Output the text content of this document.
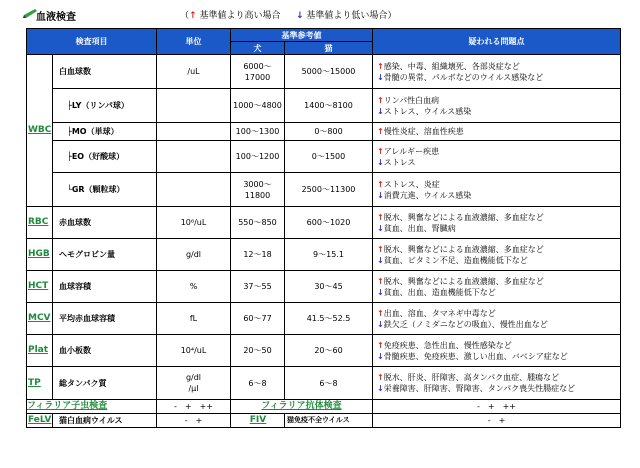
血液検査	（↑ 基準値より高い場合 ↓ 基準値より低い場合）
検査項目		単位	基準参考値		疑われる問題点
			犬	猫	
WBC	白血球数	/uL	6000～17000	5000～15000	↑感染、中毒、組織壊死、各部炎症など
↓骨髄の異常、パルボなどのウイルス感染など

	├LY（リンパ球）		1000～4800	1400～8100	↑リンパ性白血病
↓ストレス、ウイルス感染

	├MO（単球）		100～1300	0～800	↑慢性炎症、溶血性疾患

	├EO（好酸球）		100～1200	0～1500	↑アレルギー疾患
↓ストレス

	└GR（顆粒球）		3000～11800	2500～11300	↑ストレス、炎症
↓消費亢進、ウイルス感染

RBC	赤血球数	10⁶/uL	550～850	600～1020	↑脱水、興奮などによる血液濃縮、多血症など
↓貧血、出血、腎臓病

HGB	ヘモグロビン量	g/dl	12～18	9～15.1	↑脱水、興奮などによる血液濃縮、多血症など
↓貧血、ビタミン不足、造血機能低下など

HCT	血球容積	%	37～55	30～45	↑脱水、興奮などによる血液濃縮、多血症など
↓貧血、出血、造血機能低下など

MCV	平均赤血球容積	fL	60～77	41.5～52.5	↑出血、溶血、タマネギ中毒など
↓鉄欠乏（ノミダニなどの吸血）、慢性出血など

Plat	血小板数	10⁴/uL	20～50	20～60	↑免疫疾患、急性出血、慢性感染など
↓骨髄疾患、免疫疾患、激しい出血、バベシア症など

TP	総タンパク質	g/dl
/μl	6～8	6～8	↑脱水、肝炎、肝障害、高タンパク血症、腫瘍など
↓栄養障害、肝障害、腎障害、タンパク喪失性腸症など

フィラリア子虫検査		-　+　++	フィラリア抗体検査		-　+　++
FeLV	猫白血病ウイルス	-　+	FIV	猫免疫不全ウイルス	-　+
